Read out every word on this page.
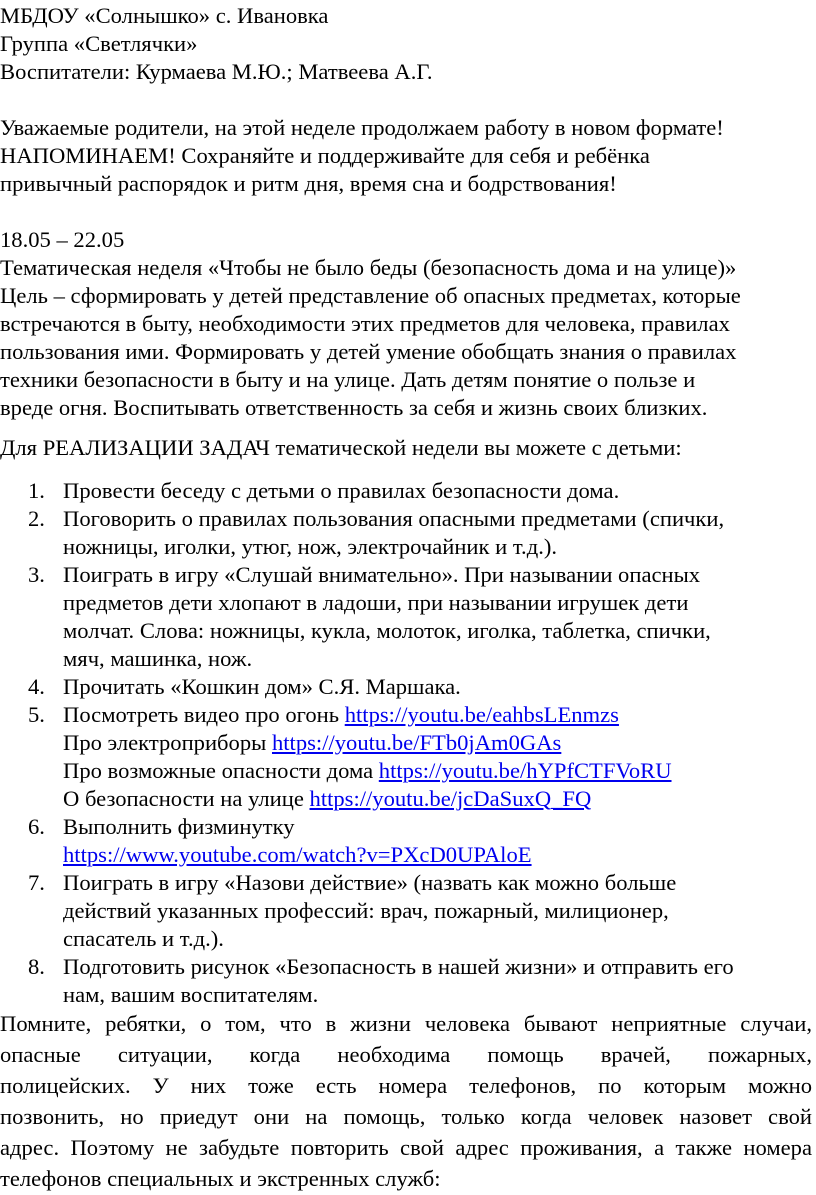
МБДОУ «Солнышко» с. Ивановка

Группа «Светлячки»

Воспитатели: Курмаева М.Ю.; Матвеева А.Г.

Уважаемые родители, на этой неделе продолжаем работу в новом формате!

НАПОМИНАЕМ! Сохраняйте и поддерживайте для себя и ребёнка

привычный распорядок и ритм дня, время сна и бодрствования!

18.05 – 22.05

Тематическая неделя «Чтобы не было беды (безопасность дома и на улице)»

Цель – сформировать у детей представление об опасных предметах, которые

встречаются в быту, необходимости этих предметов для человека, правилах

пользования ими. Формировать у детей умение обобщать знания о правилах

техники безопасности в быту и на улице. Дать детям понятие о пользе и

вреде огня. Воспитывать ответственность за себя и жизнь своих близких.

Для РЕАЛИЗАЦИИ ЗАДАЧ тематической недели вы можете с детьми:

1. Провести беседу с детьми о правилах безопасности дома.
2. Поговорить о правилах пользования опасными предметами (спички,
ножницы, иголки, утюг, нож, электрочайник и т.д.).
3. Поиграть в игру «Слушай внимательно». При назывании опасных
предметов дети хлопают в ладоши, при назывании игрушек дети
молчат. Слова: ножницы, кукла, молоток, иголка, таблетка, спички,
мяч, машинка, нож.
4. Прочитать «Кошкин дом» С.Я. Маршака.
5. Посмотреть видео про огонь https://youtu.be/eahbsLEnmzs
Про электроприборы https://youtu.be/FTb0jAm0GAs
Про возможные опасности дома https://youtu.be/hYPfCTFVoRU
О безопасности на улице https://youtu.be/jcDaSuxQ_FQ
6. Выполнить физминутку
https://www.youtube.com/watch?v=PXcD0UPAloE
7. Поиграть в игру «Назови действие» (назвать как можно больше
действий указанных профессий: врач, пожарный, милиционер,
спасатель и т.д.).
8. Подготовить рисунок «Безопасность в нашей жизни» и отправить его
нам, вашим воспитателям.

Помните, ребятки, о том, что в жизни человека бывают неприятные случаи,

опасные ситуации, когда необходима помощь врачей, пожарных,

полицейских. У них тоже есть номера телефонов, по которым можно

позвонить, но приедут они на помощь, только когда человек назовет свой

адрес. Поэтому не забудьте повторить свой адрес проживания, а также номера

телефонов специальных и экстренных служб:
